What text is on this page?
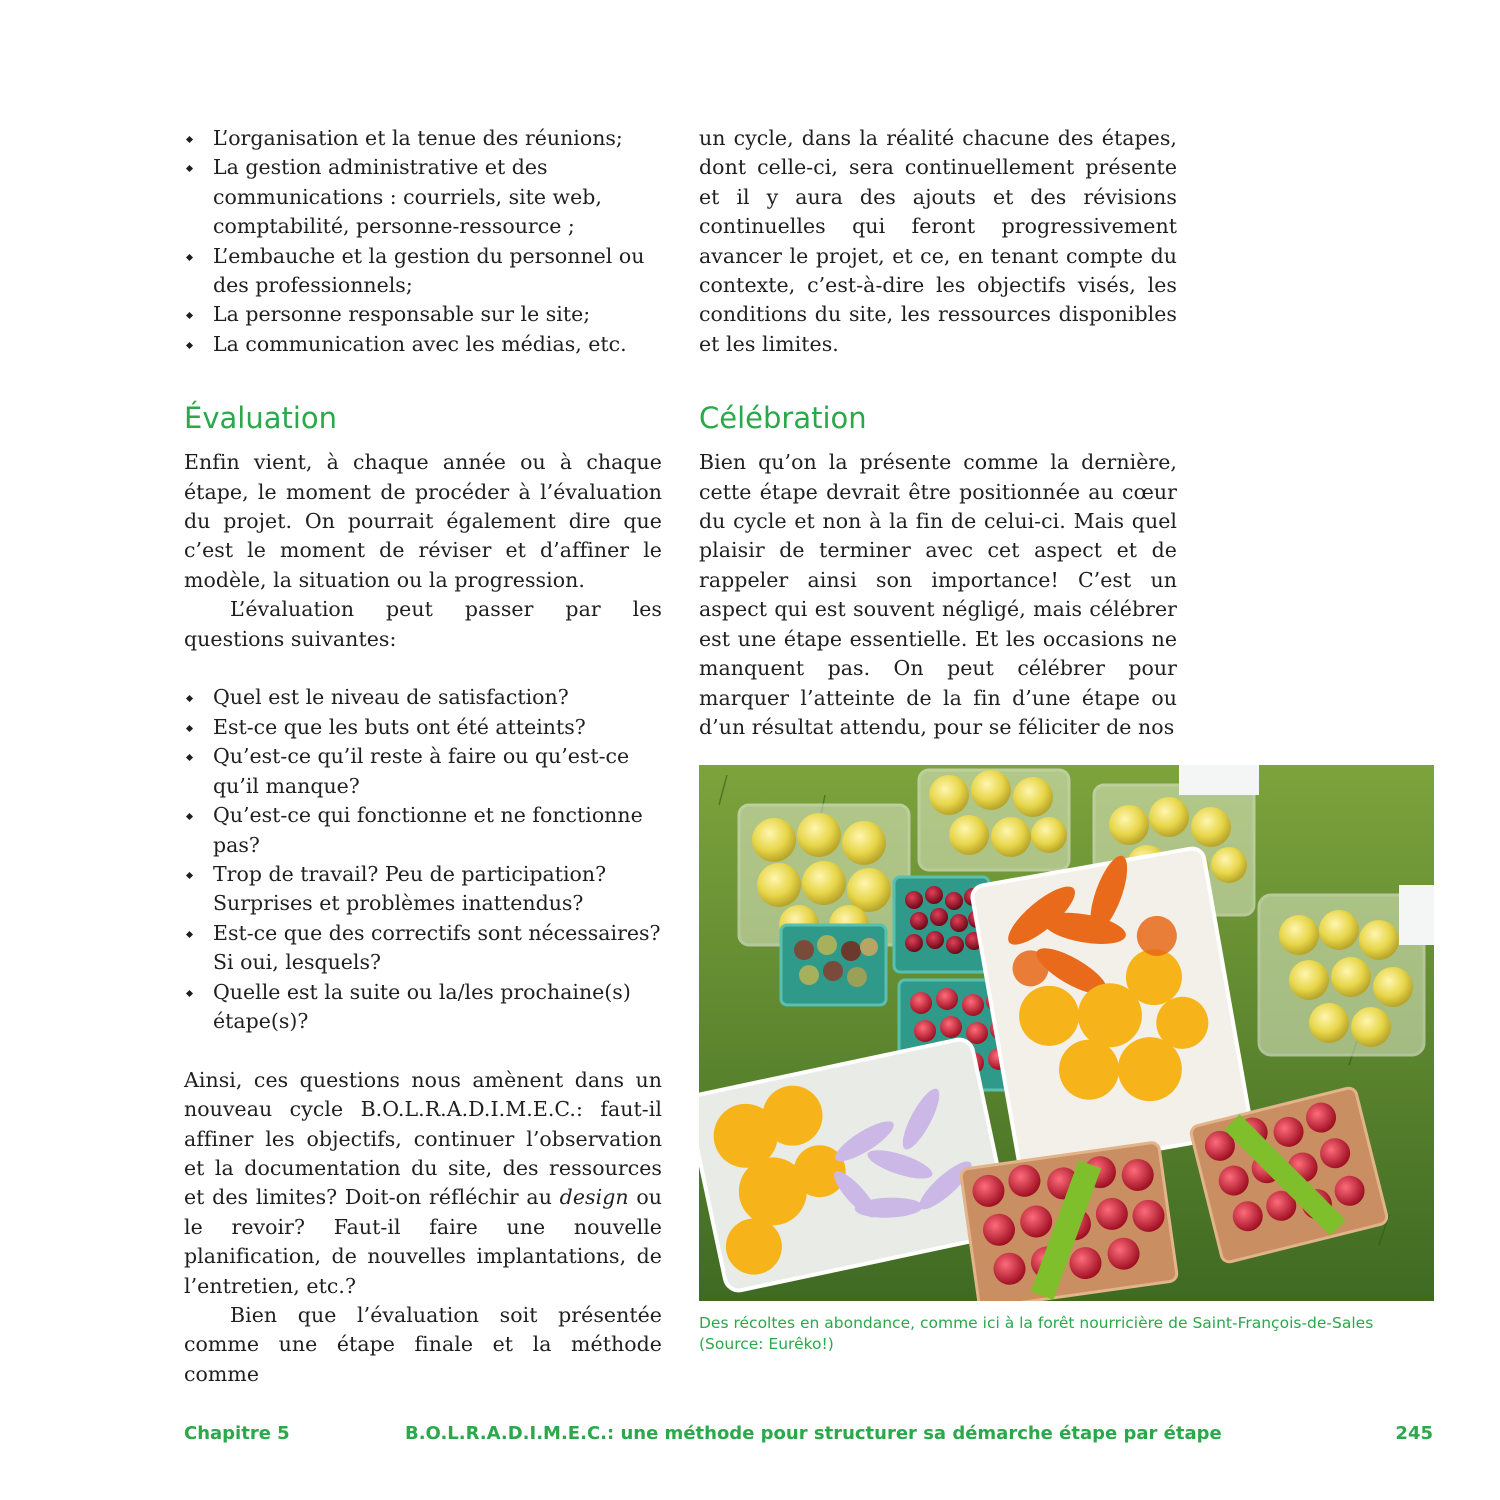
L’organisation et la tenue des réunions;
La gestion administrative et des communications : courriels, site web, comptabilité, personne-ressource ;
L’embauche et la gestion du personnel ou des professionnels;
La personne responsable sur le site;
La communication avec les médias, etc.
Évaluation

Enfin vient, à chaque année ou à chaque étape, le moment de procéder à l’évaluation du projet. On pourrait également dire que c’est le moment de réviser et d’affiner le modèle, la situation ou la progression.

L’évaluation peut passer par les questions suivantes:

Quel est le niveau de satisfaction?
Est-ce que les buts ont été atteints?
Qu’est-ce qu’il reste à faire ou qu’est-ce qu’il manque?
Qu’est-ce qui fonctionne et ne fonctionne pas?
Trop de travail? Peu de participation? Surprises et problèmes inattendus?
Est-ce que des correctifs sont nécessaires? Si oui, lesquels?
Quelle est la suite ou la/les prochaine(s) étape(s)?

Ainsi, ces questions nous amènent dans un nouveau cycle B.O.L.R.A.D.I.M.E.C.: faut-il affiner les objectifs, continuer l’observation et la documentation du site, des ressources et des limites? Doit-on réfléchir au design ou le revoir? Faut-il faire une nouvelle planification, de nouvelles implantations, de l’entretien, etc.?

Bien que l’évaluation soit présentée comme une étape finale et la méthode comme

un cycle, dans la réalité chacune des étapes, dont celle-ci, sera continuellement présente et il y aura des ajouts et des révisions continuelles qui feront progressivement avancer le projet, et ce, en tenant compte du contexte, c’est-à-dire les objectifs visés, les conditions du site, les ressources disponibles et les limites.

Célébration

Bien qu’on la présente comme la dernière, cette étape devrait être positionnée au cœur du cycle et non à la fin de celui-ci. Mais quel plaisir de terminer avec cet aspect et de rappeler ainsi son importance! C’est un aspect qui est souvent négligé, mais célébrer est une étape essentielle. Et les occasions ne manquent pas. On peut célébrer pour marquer l’atteinte de la fin d’une étape ou d’un résultat attendu, pour se féliciter de nos

Des récoltes en abondance, comme ici à la forêt nourricière de Saint-François-de-Sales
(Source: Eurêko!)
Chapitre 5	B.O.L.R.A.D.I.M.E.C.: une méthode pour structurer sa démarche étape par étape	245
